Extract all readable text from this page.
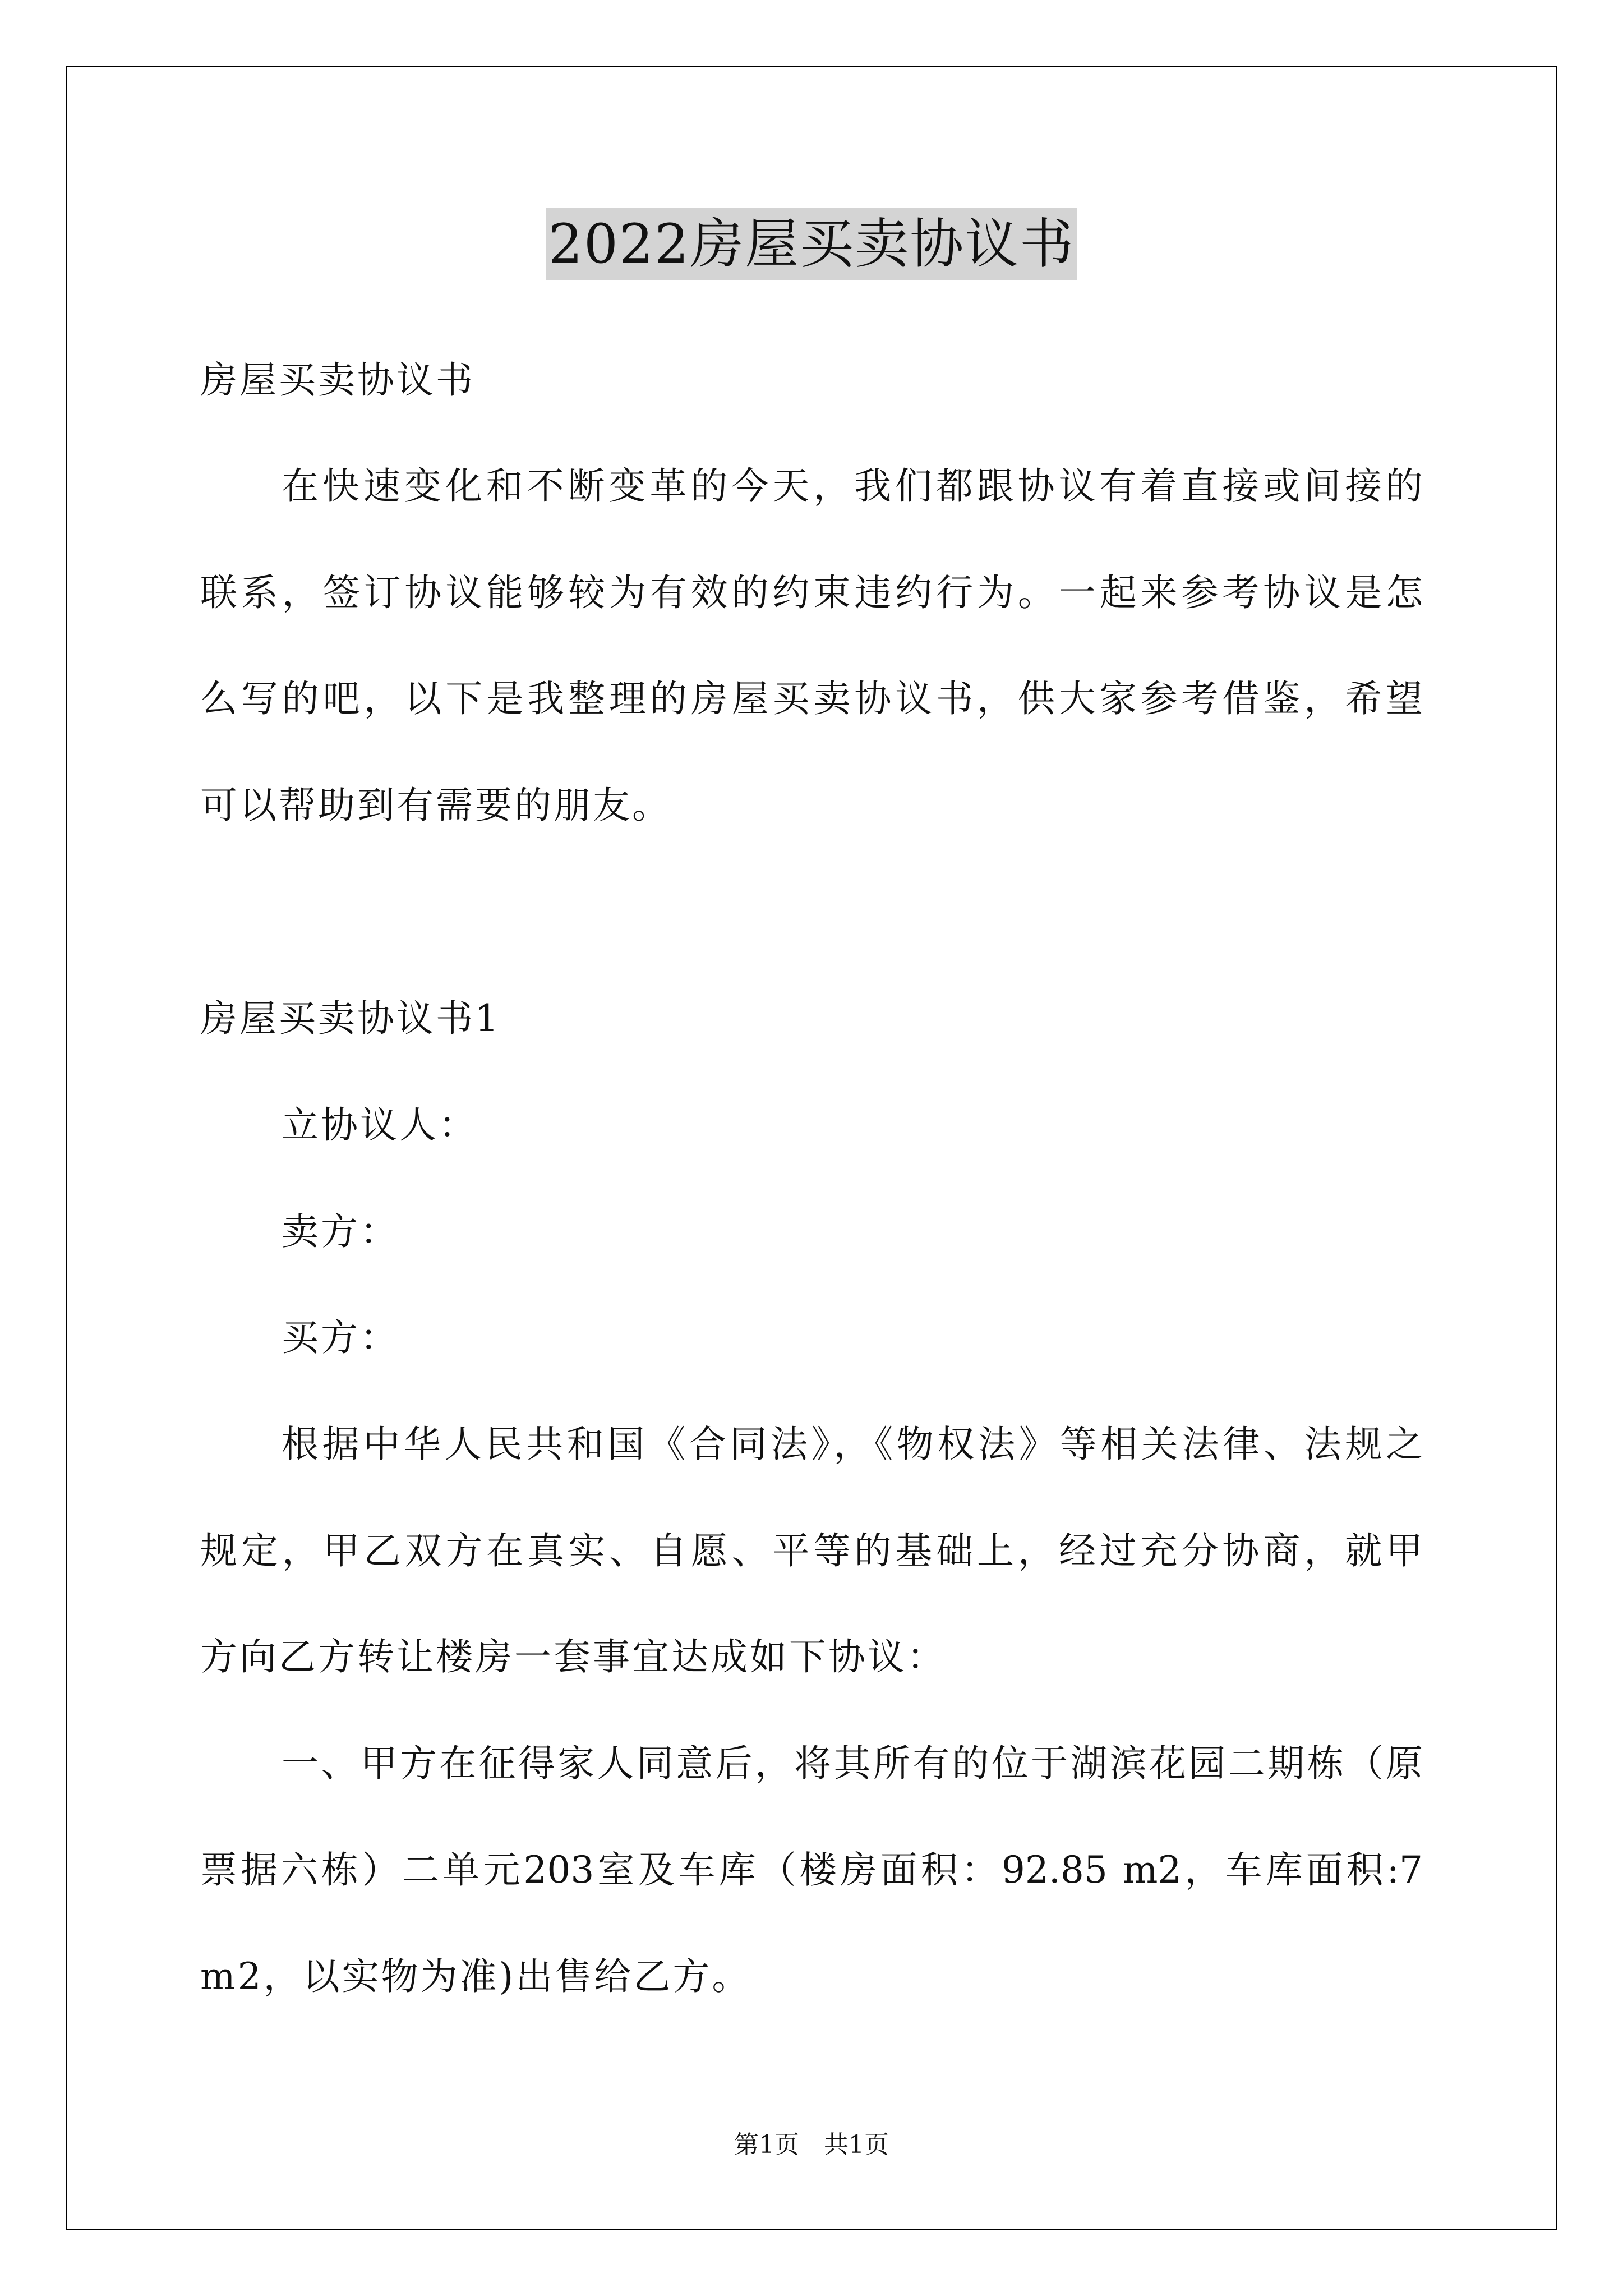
2022房屋买卖协议书
房屋买卖协议书
在快速变化和不断变革的今天，我们都跟协议有着直接或间接的
联系，签订协议能够较为有效的约束违约行为。一起来参考协议是怎
么写的吧，以下是我整理的房屋买卖协议书，供大家参考借鉴，希望
可以帮助到有需要的朋友。
房屋买卖协议书1
立协议人：
卖方：
买方：
根据中华人民共和国《合同法》，《物权法》等相关法律、法规之
规定，甲乙双方在真实、自愿、平等的基础上，经过充分协商，就甲
方向乙方转让楼房一套事宜达成如下协议：
一、甲方在征得家人同意后，将其所有的位于湖滨花园二期栋（原
票据六栋）二单元203室及车库（楼房面积：92.85 m2，车库面积:7
m2，以实物为准)出售给乙方。
第1页　共1页
